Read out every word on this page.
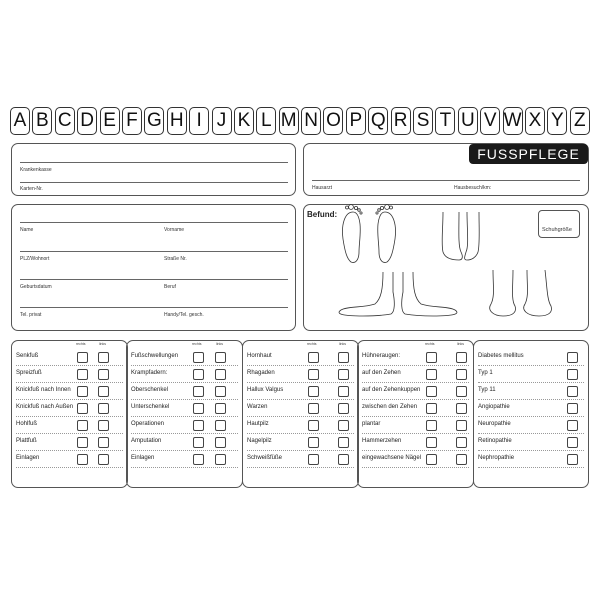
A B C D E F G H I J K L M N O P Q R S T U V W X Y Z
Krankenkasse
Karten-Nr.	Hausarzt	Hausbesuch/km:
FUSSPFLEGE
Name	Vorname
PLZ/Wohnort	Straße Nr.
Geburtsdatum	Beruf
Tel. privat	Handy/Tel. gesch.
Befund:
Schuhgröße
rechts	links
Senkfuß
Spreizfuß
Knickfuß nach Innen
Knickfuß nach Außen
Hohlfuß
Plattfuß
Einlagen
rechts	links
Fußschwellungen
Krampfadern:
Oberschenkel
Unterschenkel
Operationen
Amputation
Einlagen
rechts	links
Hornhaut
Rhagaden
Hallux Valgus
Warzen
Hautpilz
Nagelpilz
Schweißfüße
rechts	links
Hühneraugen:
auf den Zehen
auf den Zehenkuppen
zwischen den Zehen
plantar
Hammerzehen
eingewachsene Nägel
Diabetes mellitus
Typ 1
Typ 11
Angiopathie
Neuropathie
Retinopathie
Nephropathie
